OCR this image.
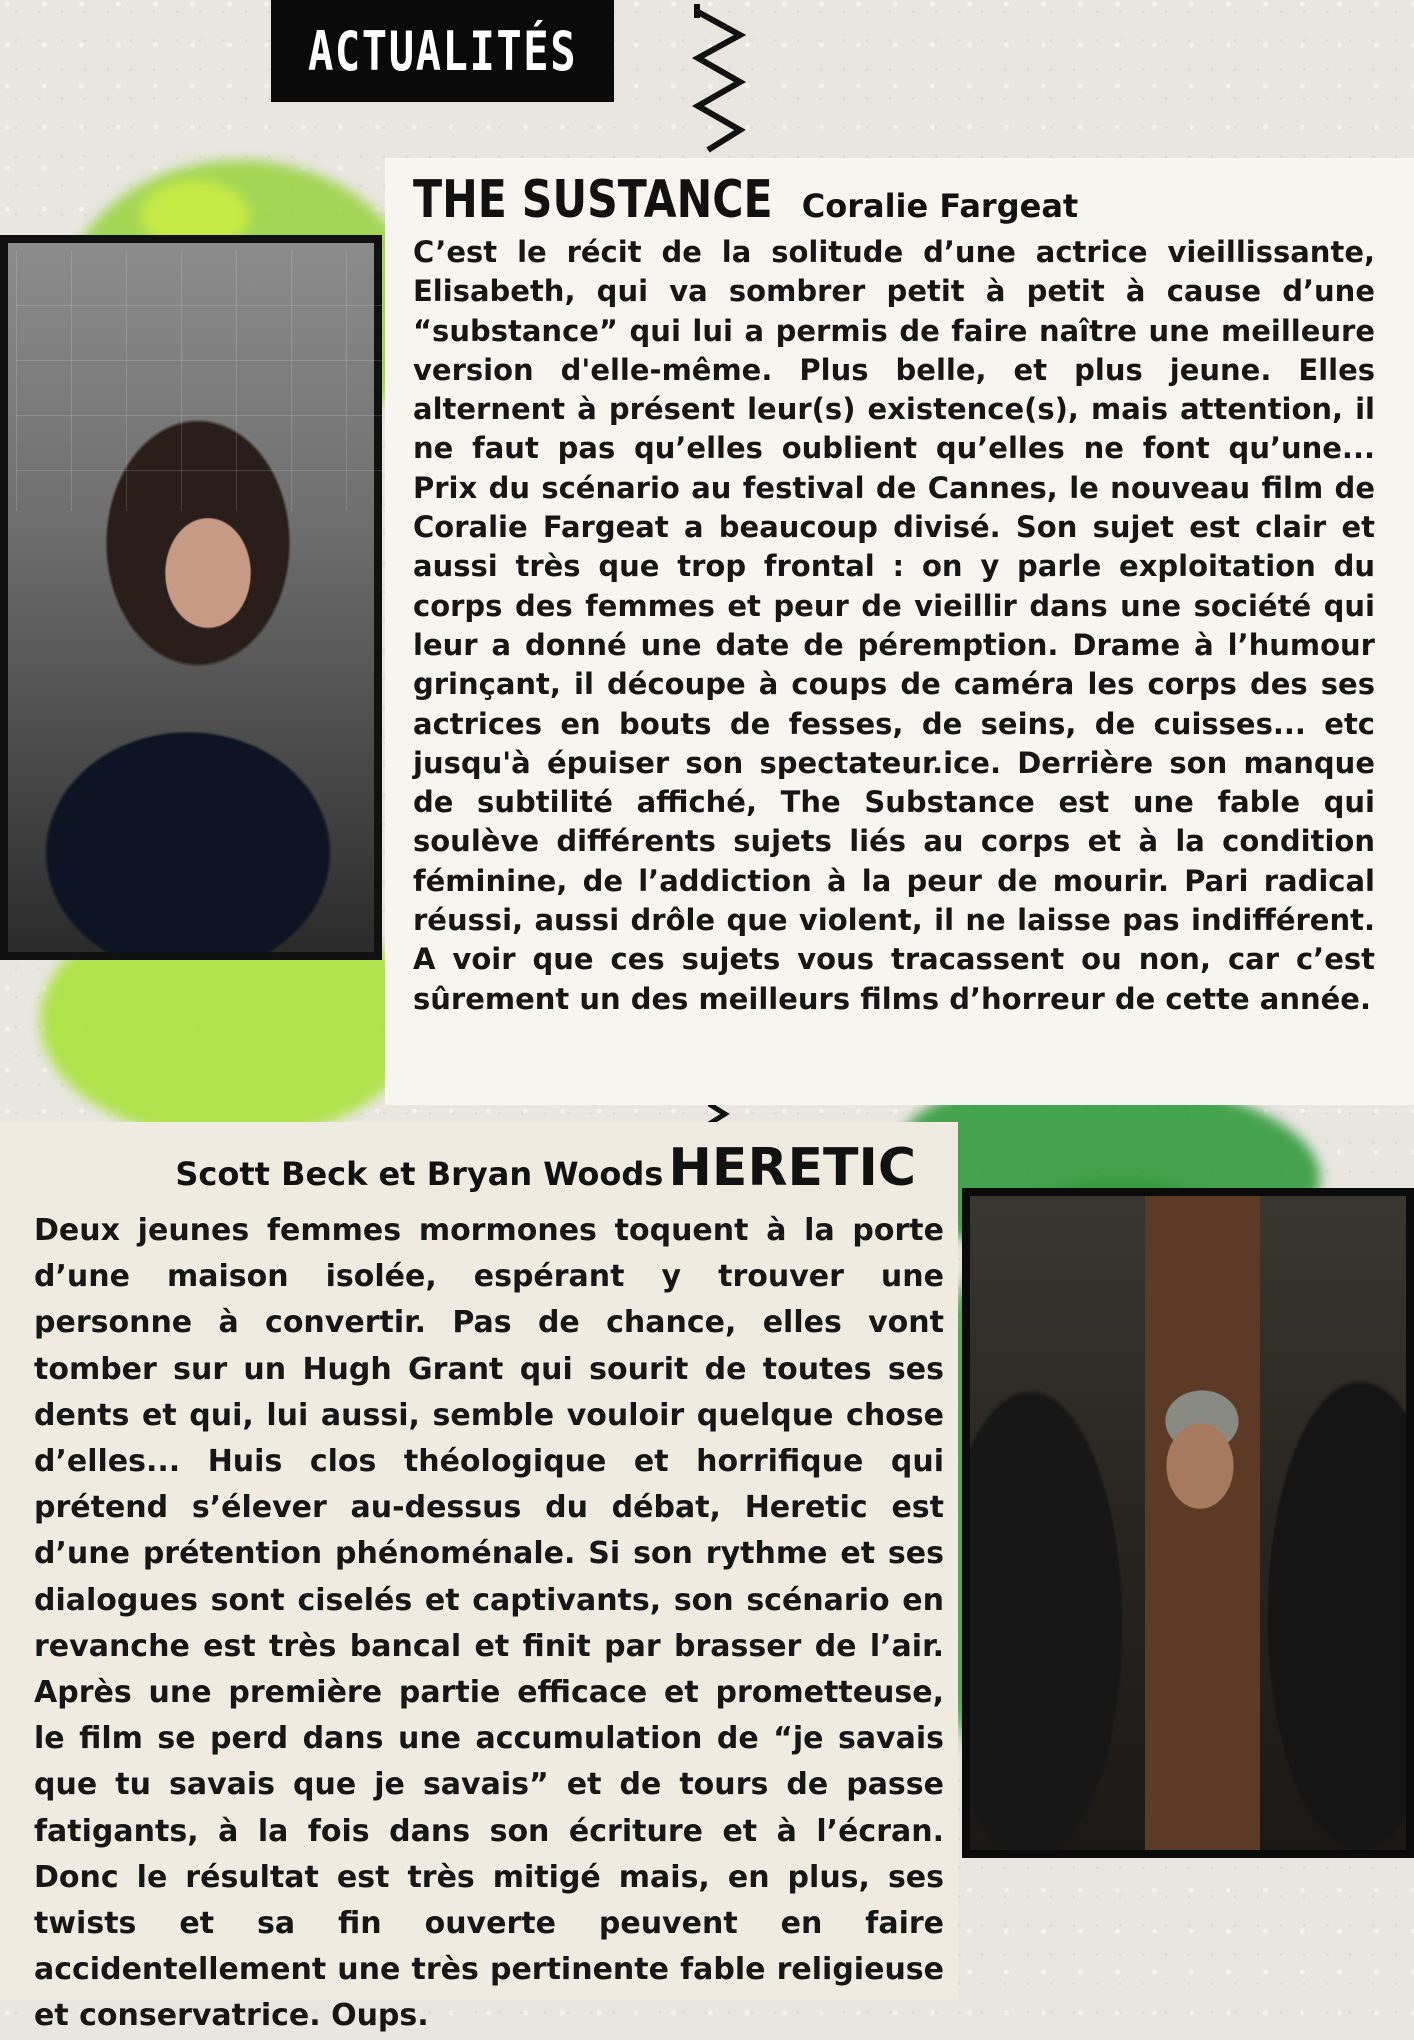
ACTUALITÉS
THE SUSTANCE Coralie Fargeat
C’est le récit de la solitude d’une actrice vieillissante, Elisabeth, qui va sombrer petit à petit à cause d’une “substance” qui lui a permis de faire naître une meilleure version d'elle-même. Plus belle, et plus jeune. Elles alternent à présent leur(s) existence(s), mais attention, il ne faut pas qu’elles oublient qu’elles ne font qu’une... Prix du scénario au festival de Cannes, le nouveau film de Coralie Fargeat a beaucoup divisé. Son sujet est clair et aussi très que trop frontal : on y parle exploitation du corps des femmes et peur de vieillir dans une société qui leur a donné une date de péremption. Drame à l’humour grinçant, il découpe à coups de caméra les corps des ses actrices en bouts de fesses, de seins, de cuisses... etc jusqu'à épuiser son spectateur.ice. Derrière son manque de subtilité affiché, The Substance est une fable qui soulève différents sujets liés au corps et à la condition féminine, de l’addiction à la peur de mourir. Pari radical réussi, aussi drôle que violent, il ne laisse pas indifférent. A voir que ces sujets vous tracassent ou non, car c’est sûrement un des meilleurs films d’horreur de cette année.
Scott Beck et Bryan Woods HERETIC
Deux jeunes femmes mormones toquent à la porte d’une maison isolée, espérant y trouver une personne à convertir. Pas de chance, elles vont tomber sur un Hugh Grant qui sourit de toutes ses dents et qui, lui aussi, semble vouloir quelque chose d’elles... Huis clos théologique et horrifique qui prétend s’élever au-dessus du débat, Heretic est d’une prétention phénoménale. Si son rythme et ses dialogues sont ciselés et captivants, son scénario en revanche est très bancal et finit par brasser de l’air. Après une première partie efficace et prometteuse, le film se perd dans une accumulation de “je savais que tu savais que je savais” et de tours de passe fatigants, à la fois dans son écriture et à l’écran. Donc le résultat est très mitigé mais, en plus, ses twists et sa fin ouverte peuvent en faire accidentellement une très pertinente fable religieuse et conservatrice. Oups.
